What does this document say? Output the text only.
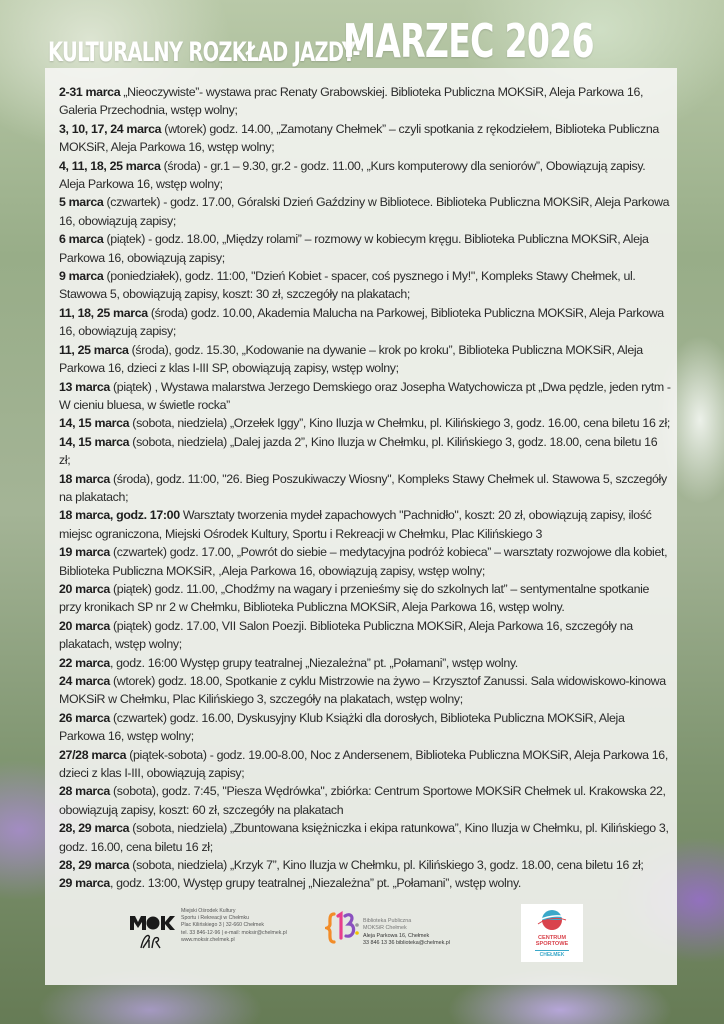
KULTURALNY ROZKŁAD JAZDY-MARZEC 2026

2-31 marca „Nieoczywiste”- wystawa prac Renaty Grabowskiej. Biblioteka Publiczna MOKSiR, Aleja Parkowa 16, Galeria Przechodnia, wstęp wolny;

3, 10, 17, 24 marca (wtorek) godz. 14.00, „Zamotany Chełmek” – czyli spotkania z rękodziełem, Biblioteka Publiczna MOKSiR, Aleja Parkowa 16, wstęp wolny;

4, 11, 18, 25 marca (środa) - gr.1 – 9.30, gr.2 - godz. 11.00, „Kurs komputerowy dla seniorów”, Obowiązują zapisy. Aleja Parkowa 16, wstęp wolny;

5 marca (czwartek) - godz. 17.00, Góralski Dzień Gaździny w Bibliotece. Biblioteka Publiczna MOKSiR, Aleja Parkowa 16, obowiązują zapisy;

6 marca (piątek) - godz. 18.00, „Między rolami” – rozmowy w kobiecym kręgu. Biblioteka Publiczna MOKSiR, Aleja Parkowa 16, obowiązują zapisy;

9 marca (poniedziałek), godz. 11:00, "Dzień Kobiet - spacer, coś pysznego i My!", Kompleks Stawy Chełmek, ul. Stawowa 5, obowiązują zapisy, koszt: 30 zł, szczegóły na plakatach;

11, 18, 25 marca (środa) godz. 10.00, Akademia Malucha na Parkowej, Biblioteka Publiczna MOKSiR, Aleja Parkowa 16, obowiązują zapisy;

11, 25 marca (środa), godz. 15.30, „Kodowanie na dywanie – krok po kroku”, Biblioteka Publiczna MOKSiR, Aleja Parkowa 16, dzieci z klas I-III SP, obowiązują zapisy, wstęp wolny;

13 marca (piątek) , Wystawa malarstwa Jerzego Demskiego oraz Josepha Watychowicza pt „Dwa pędzle, jeden rytm - W cieniu bluesa, w świetle rocka”

14, 15 marca (sobota, niedziela) „Orzełek Iggy”, Kino Iluzja w Chełmku, pl. Kilińskiego 3, godz. 16.00, cena biletu 16 zł;

14, 15 marca (sobota, niedziela) „Dalej jazda 2”, Kino Iluzja w Chełmku, pl. Kilińskiego 3, godz. 18.00, cena biletu 16 zł;

18 marca (środa), godz. 11:00, "26. Bieg Poszukiwaczy Wiosny", Kompleks Stawy Chełmek ul. Stawowa 5, szczegóły na plakatach;

18 marca, godz. 17:00 Warsztaty tworzenia mydeł zapachowych "Pachnidło", koszt: 20 zł, obowiązują zapisy, ilość miejsc ograniczona, Miejski Ośrodek Kultury, Sportu i Rekreacji w Chełmku, Plac Kilińskiego 3

19 marca (czwartek) godz. 17.00, „Powrót do siebie – medytacyjna podróż kobieca” – warsztaty rozwojowe dla kobiet, Biblioteka Publiczna MOKSiR, ,Aleja Parkowa 16, obowiązują zapisy, wstęp wolny;

20 marca (piątek) godz. 11.00, „Chodźmy na wagary i przenieśmy się do szkolnych lat” – sentymentalne spotkanie przy kronikach SP nr 2 w Chełmku, Biblioteka Publiczna MOKSiR, Aleja Parkowa 16, wstęp wolny.

20 marca (piątek) godz. 17.00, VII Salon Poezji. Biblioteka Publiczna MOKSiR, Aleja Parkowa 16, szczegóły na plakatach, wstęp wolny;

22 marca, godz. 16:00 Występ grupy teatralnej „Niezależna” pt. „Połamani”, wstęp wolny.

24 marca (wtorek) godz. 18.00, Spotkanie z cyklu Mistrzowie na żywo – Krzysztof Zanussi. Sala widowiskowo-kinowa MOKSiR w Chełmku, Plac Kilińskiego 3, szczegóły na plakatach, wstęp wolny;

26 marca (czwartek) godz. 16.00, Dyskusyjny Klub Książki dla dorosłych, Biblioteka Publiczna MOKSiR, Aleja Parkowa 16, wstęp wolny;

27/28 marca (piątek-sobota) - godz. 19.00-8.00, Noc z Andersenem, Biblioteka Publiczna MOKSiR, Aleja Parkowa 16, dzieci z klas I-III, obowiązują zapisy;

28 marca (sobota), godz. 7:45, "Piesza Wędrówka", zbiórka: Centrum Sportowe MOKSiR Chełmek ul. Krakowska 22, obowiązują zapisy, koszt: 60 zł, szczegóły na plakatach

28, 29 marca (sobota, niedziela) „Zbuntowana księżniczka i ekipa ratunkowa”, Kino Iluzja w Chełmku, pl. Kilińskiego 3, godz. 16.00, cena biletu 16 zł;

28, 29 marca (sobota, niedziela) „Krzyk 7”, Kino Iluzja w Chełmku, pl. Kilińskiego 3, godz. 18.00, cena biletu 16 zł;

29 marca, godz. 13:00, Występ grupy teatralnej „Niezależna” pt. „Połamani”, wstęp wolny.

Miejski Ośrodek Kultury
Sportu i Rekreacji w Chełmku
Plac Kilińskiego 3 | 32-660 Chełmek
tel. 33 846-12-96 | e-mail: moksir@chelmek.pl
www.moksir.chelmek.pl
Biblioteka Publiczna
MOKSiR Chełmek
Aleja Parkowa 16, Chełmek
33 846 13 36 biblioteka@chelmek.pl
CENTRUM
SPORTOWE
CHEŁMEK
